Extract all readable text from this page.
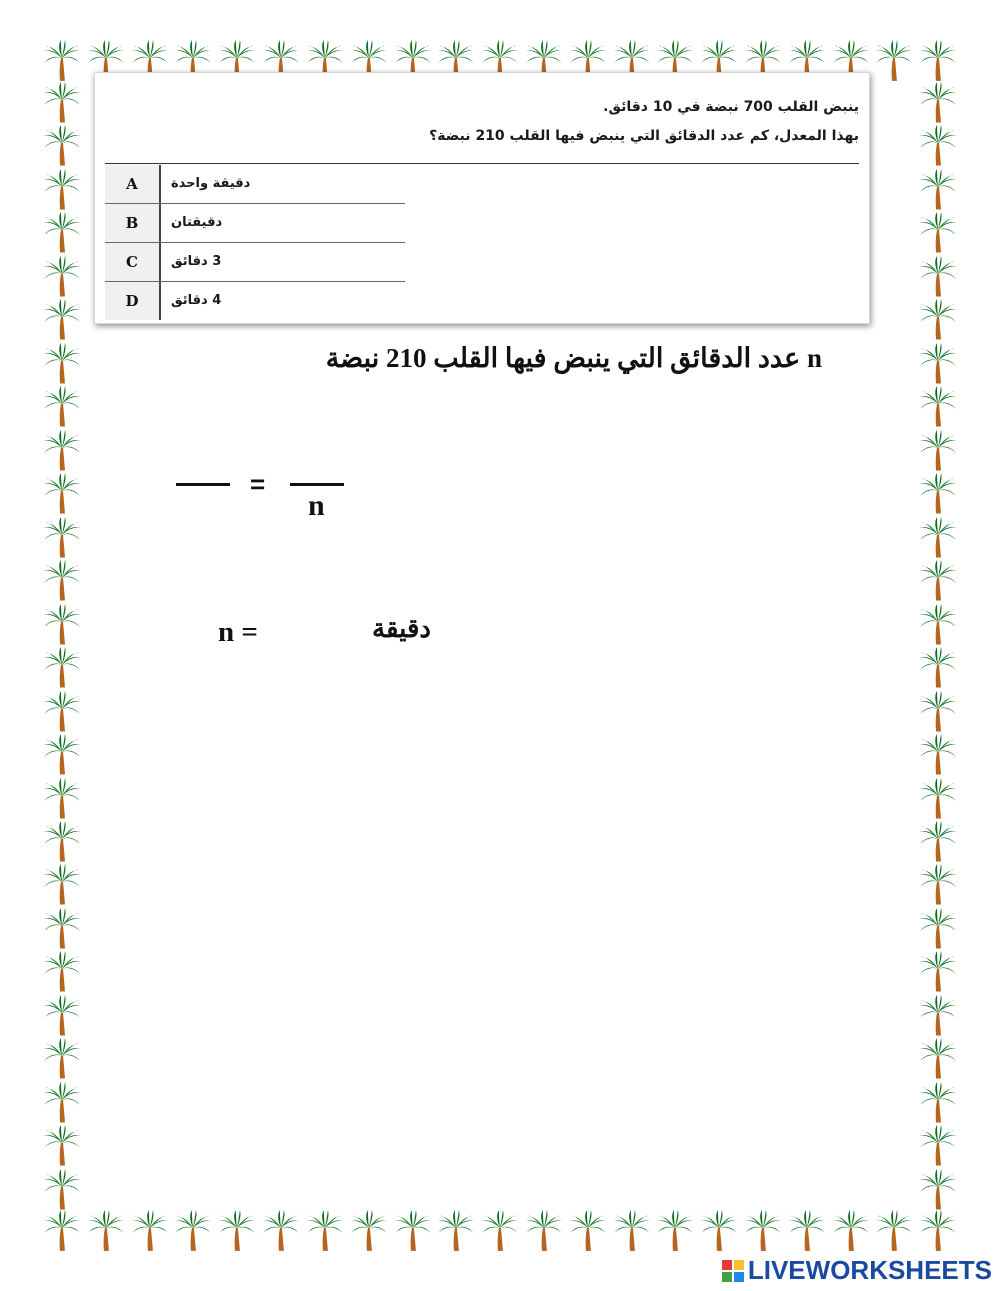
ينبض القلب 700 نبضة في 10 دقائق.
بهذا المعدل، كم عدد الدقائق التي ينبض فيها القلب 210 نبضة؟
A	دقيقة واحدة
B	دقيقتان
C	3 دقائق
D	4 دقائق
n عدد الدقائق التي ينبض فيها القلب 210 نبضة
=
n
n =	دقيقة
LIVEWORKSHEETS
